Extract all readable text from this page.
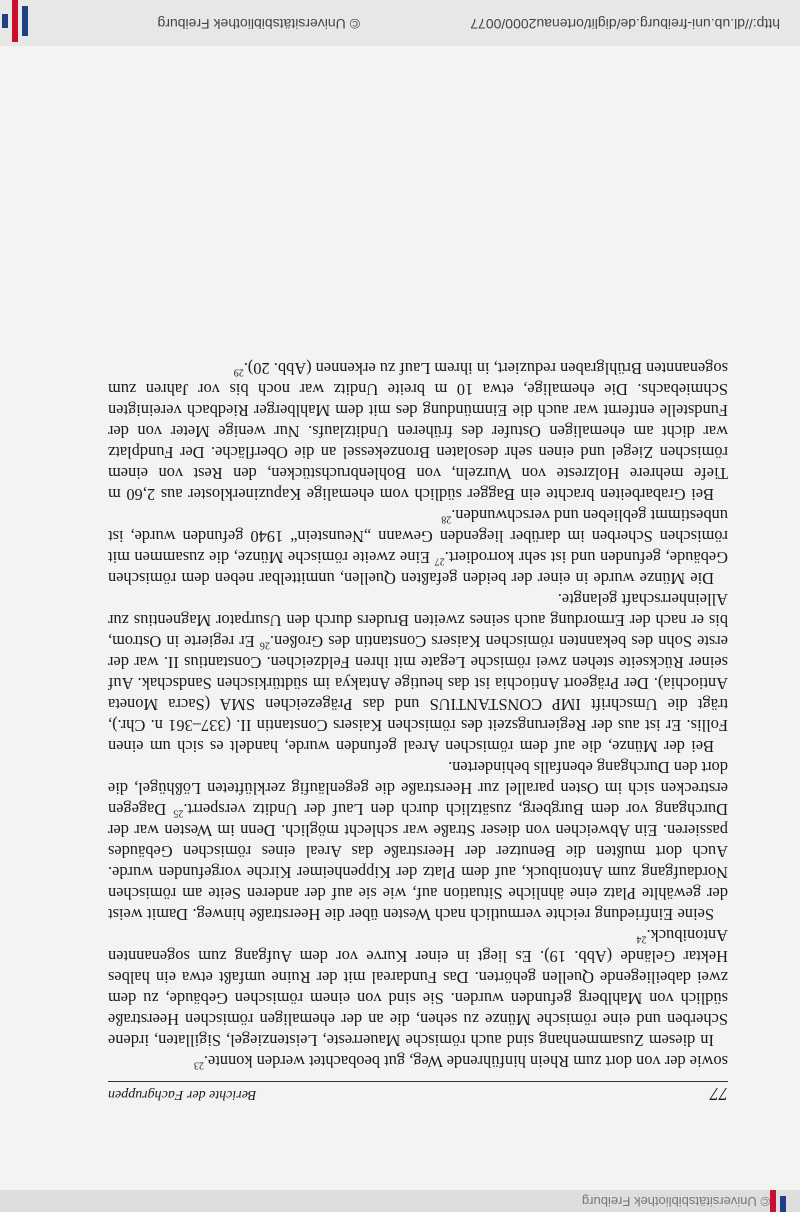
© Universitätsbibliothek Freiburg
77
Berichte der Fachgruppen

sowie der von dort zum Rhein hinführende Weg, gut beobachtet werden konnte.$^{23}$

In diesem Zusammenhang sind auch römische Mauerreste, Leistenziegel, Sigillaten, irdene Scherben und eine römische Münze zu sehen, die an der ehemaligen römischen Heerstraße südlich von Mahlberg gefunden wurden. Sie sind von einem römischen Gebäude, zu dem zwei dabeiliegende Quellen gehörten. Das Fundareal mit der Ruine umfaßt etwa ein halbes Hektar Gelände (Abb. 19). Es liegt in einer Kurve vor dem Aufgang zum sogenannten Antonibuck.$^{24}$

Seine Einfriedung reichte vermutlich nach Westen über die Heerstraße hinweg. Damit weist der gewählte Platz eine ähnliche Situation auf, wie sie auf der anderen Seite am römischen Nordaufgang zum Antonibuck, auf dem Platz der Kippenheimer Kirche vorgefunden wurde. Auch dort mußten die Benutzer der Heerstraße das Areal eines römischen Gebäudes passieren. Ein Abweichen von dieser Straße war schlecht möglich. Denn im Westen war der Durchgang vor dem Burgberg, zusätzlich durch den Lauf der Unditz versperrt.$^{25}$ Dagegen erstrecken sich im Osten parallel zur Heerstraße die gegenläufig zerklüfteten Lößhügel, die dort den Durchgang ebenfalls behinderten.

Bei der Münze, die auf dem römischen Areal gefunden wurde, handelt es sich um einen Follis. Er ist aus der Regierungszeit des römischen Kaisers Constantin II. (337–361 n. Chr.), trägt die Umschrift IMP CONSTANTIUS und das Prägezeichen SMA (Sacra Moneta Antiochia). Der Prägeort Antiochia ist das heutige Antakya im südtürkischen Sandschak. Auf seiner Rückseite stehen zwei römische Legate mit ihren Feldzeichen. Constantius II. war der erste Sohn des bekannten römischen Kaisers Constantin des Großen.$^{26}$ Er regierte in Ostrom, bis er nach der Ermordung auch seines zweiten Bruders durch den Usurpator Magnentius zur Alleinherrschaft gelangte.

Die Münze wurde in einer der beiden gefaßten Quellen, unmittelbar neben dem römischen Gebäude, gefunden und ist sehr korrodiert.$^{27}$ Eine zweite römische Münze, die zusammen mit römischen Scherben im darüber liegenden Gewann „Neunstein“ 1940 gefunden wurde, ist unbestimmt geblieben und verschwunden.$^{28}$

Bei Grabarbeiten brachte ein Bagger südlich vom ehemalige Kapuzinerkloster aus 2,60 m Tiefe mehrere Holzreste von Wurzeln, von Bohlenbruchstücken, den Rest von einem römischen Ziegel und einen sehr desolaten Bronzekessel an die Oberfläche. Der Fundplatz war dicht am ehemaligen Ostufer des früheren Unditzlaufs. Nur wenige Meter von der Fundstelle entfernt war auch die Einmündung des mit dem Mahlberger Riedbach vereinigten Schmiebachs. Die ehemalige, etwa 10 m breite Unditz war noch bis vor Jahren zum sogenannten Brühlgraben reduziert, in ihrem Lauf zu erkennen (Abb. 20).$^{29}$

http://dl.ub.uni-freiburg.de/diglit/ortenau2000/0077
© Universitätsbibliothek Freiburg
